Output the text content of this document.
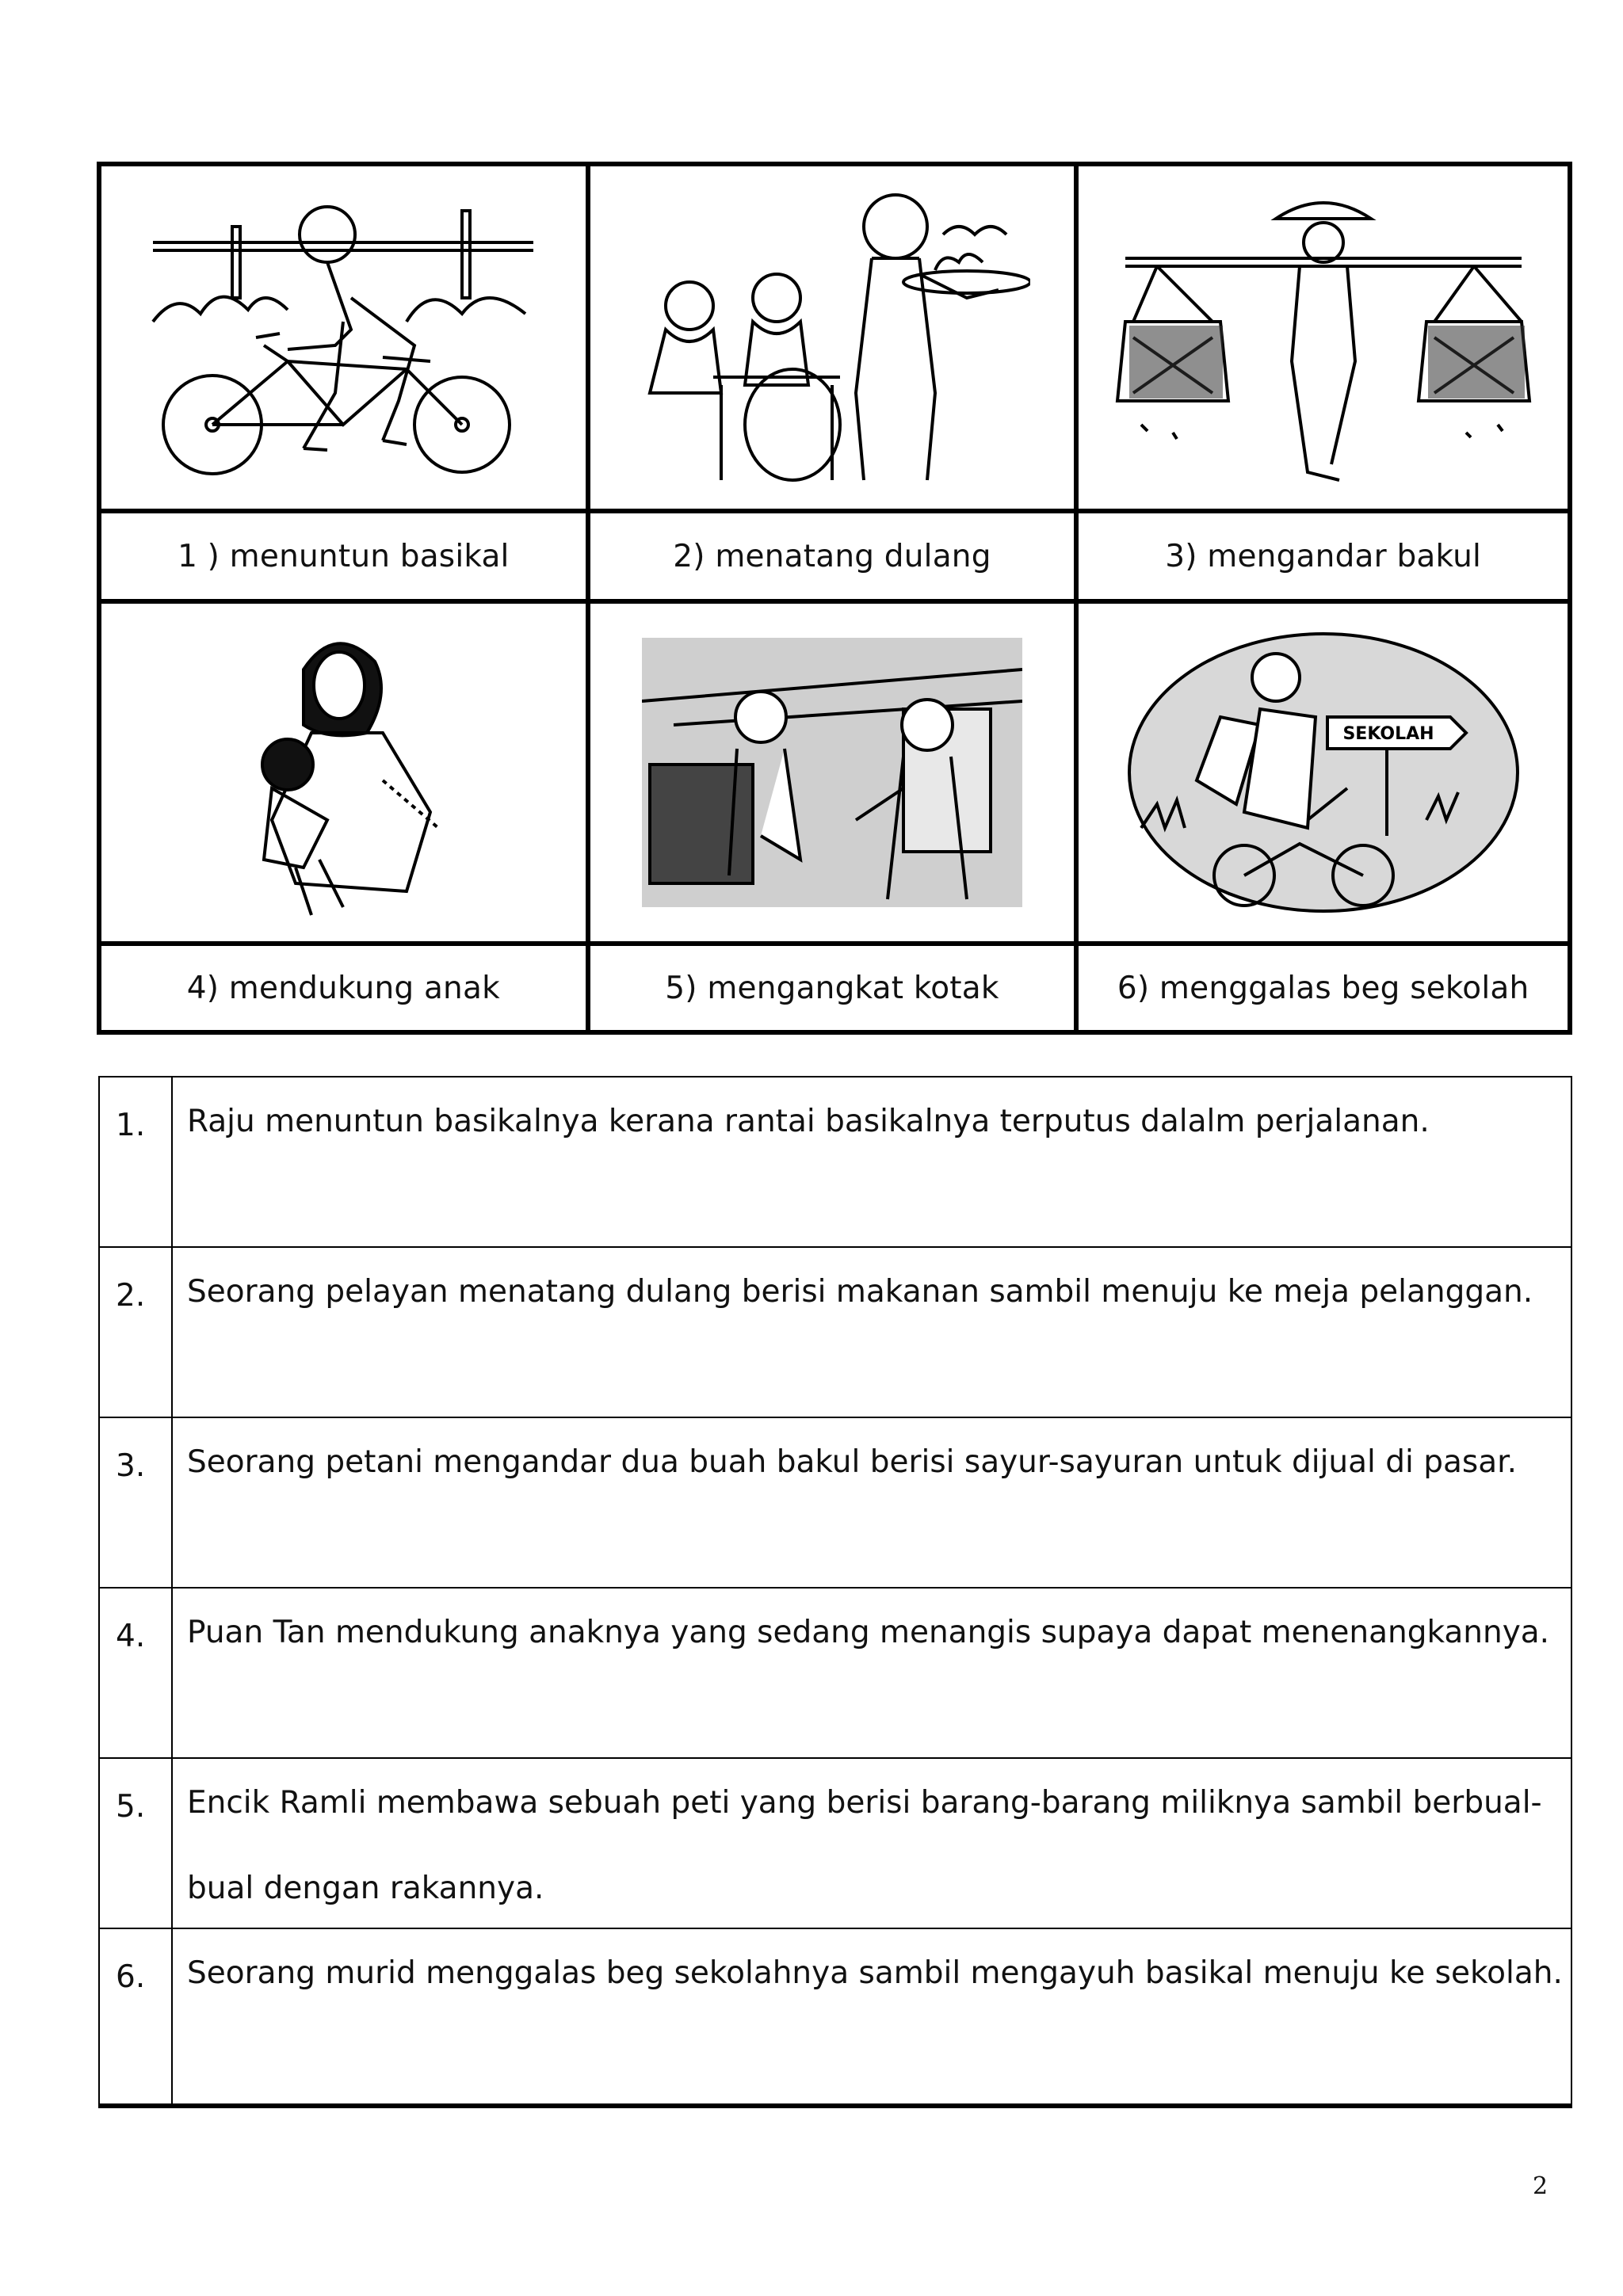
1 ) menuntun basikal	2) menatang dulang	3) mengandar bakul
SEKOLAH
4) mendukung anak	5) mengangkat kotak	6) menggalas beg sekolah
1.	Raju menuntun basikalnya kerana rantai basikalnya terputus dalalm perjalanan.
2.	Seorang pelayan menatang dulang berisi makanan sambil menuju ke meja pelanggan.
3.	Seorang petani mengandar dua buah bakul berisi sayur-sayuran untuk dijual di pasar.
4.	Puan Tan mendukung anaknya yang sedang menangis supaya dapat menenangkannya.
5.	Encik Ramli membawa sebuah peti yang berisi barang-barang miliknya sambil berbual-bual dengan rakannya.
6.	Seorang murid menggalas beg sekolahnya sambil mengayuh basikal menuju ke sekolah.
2
